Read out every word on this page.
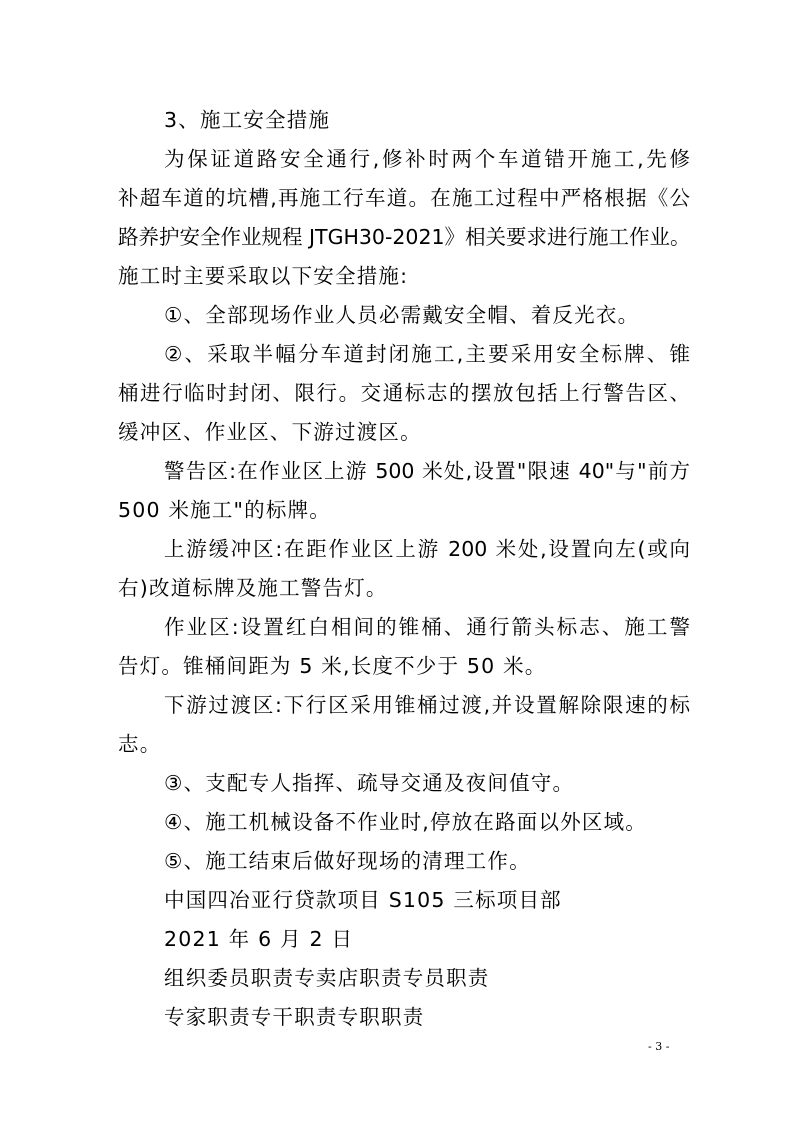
3、施工安全措施
为保证道路安全通行,修补时两个车道错开施工,先修
补超车道的坑槽,再施工行车道。在施工过程中严格根据《公
路养护安全作业规程 JTGH30-2021》相关要求进行施工作业。
施工时主要采取以下安全措施:
①、全部现场作业人员必需戴安全帽、着反光衣。
②、采取半幅分车道封闭施工,主要采用安全标牌、锥
桶进行临时封闭、限行。交通标志的摆放包括上行警告区、
缓冲区、作业区、下游过渡区。
警告区:在作业区上游 500 米处,设置"限速 40"与"前方
500 米施工"的标牌。
上游缓冲区:在距作业区上游 200 米处,设置向左(或向
右)改道标牌及施工警告灯。
作业区:设置红白相间的锥桶、通行箭头标志、施工警
告灯。锥桶间距为 5 米,长度不少于 50 米。
下游过渡区:下行区采用锥桶过渡,并设置解除限速的标
志。
③、支配专人指挥、疏导交通及夜间值守。
④、施工机械设备不作业时,停放在路面以外区域。
⑤、施工结束后做好现场的清理工作。
中国四冶亚行贷款项目 S105 三标项目部
2021 年 6 月 2 日
组织委员职责专卖店职责专员职责
专家职责专干职责专职职责
- 3 -
